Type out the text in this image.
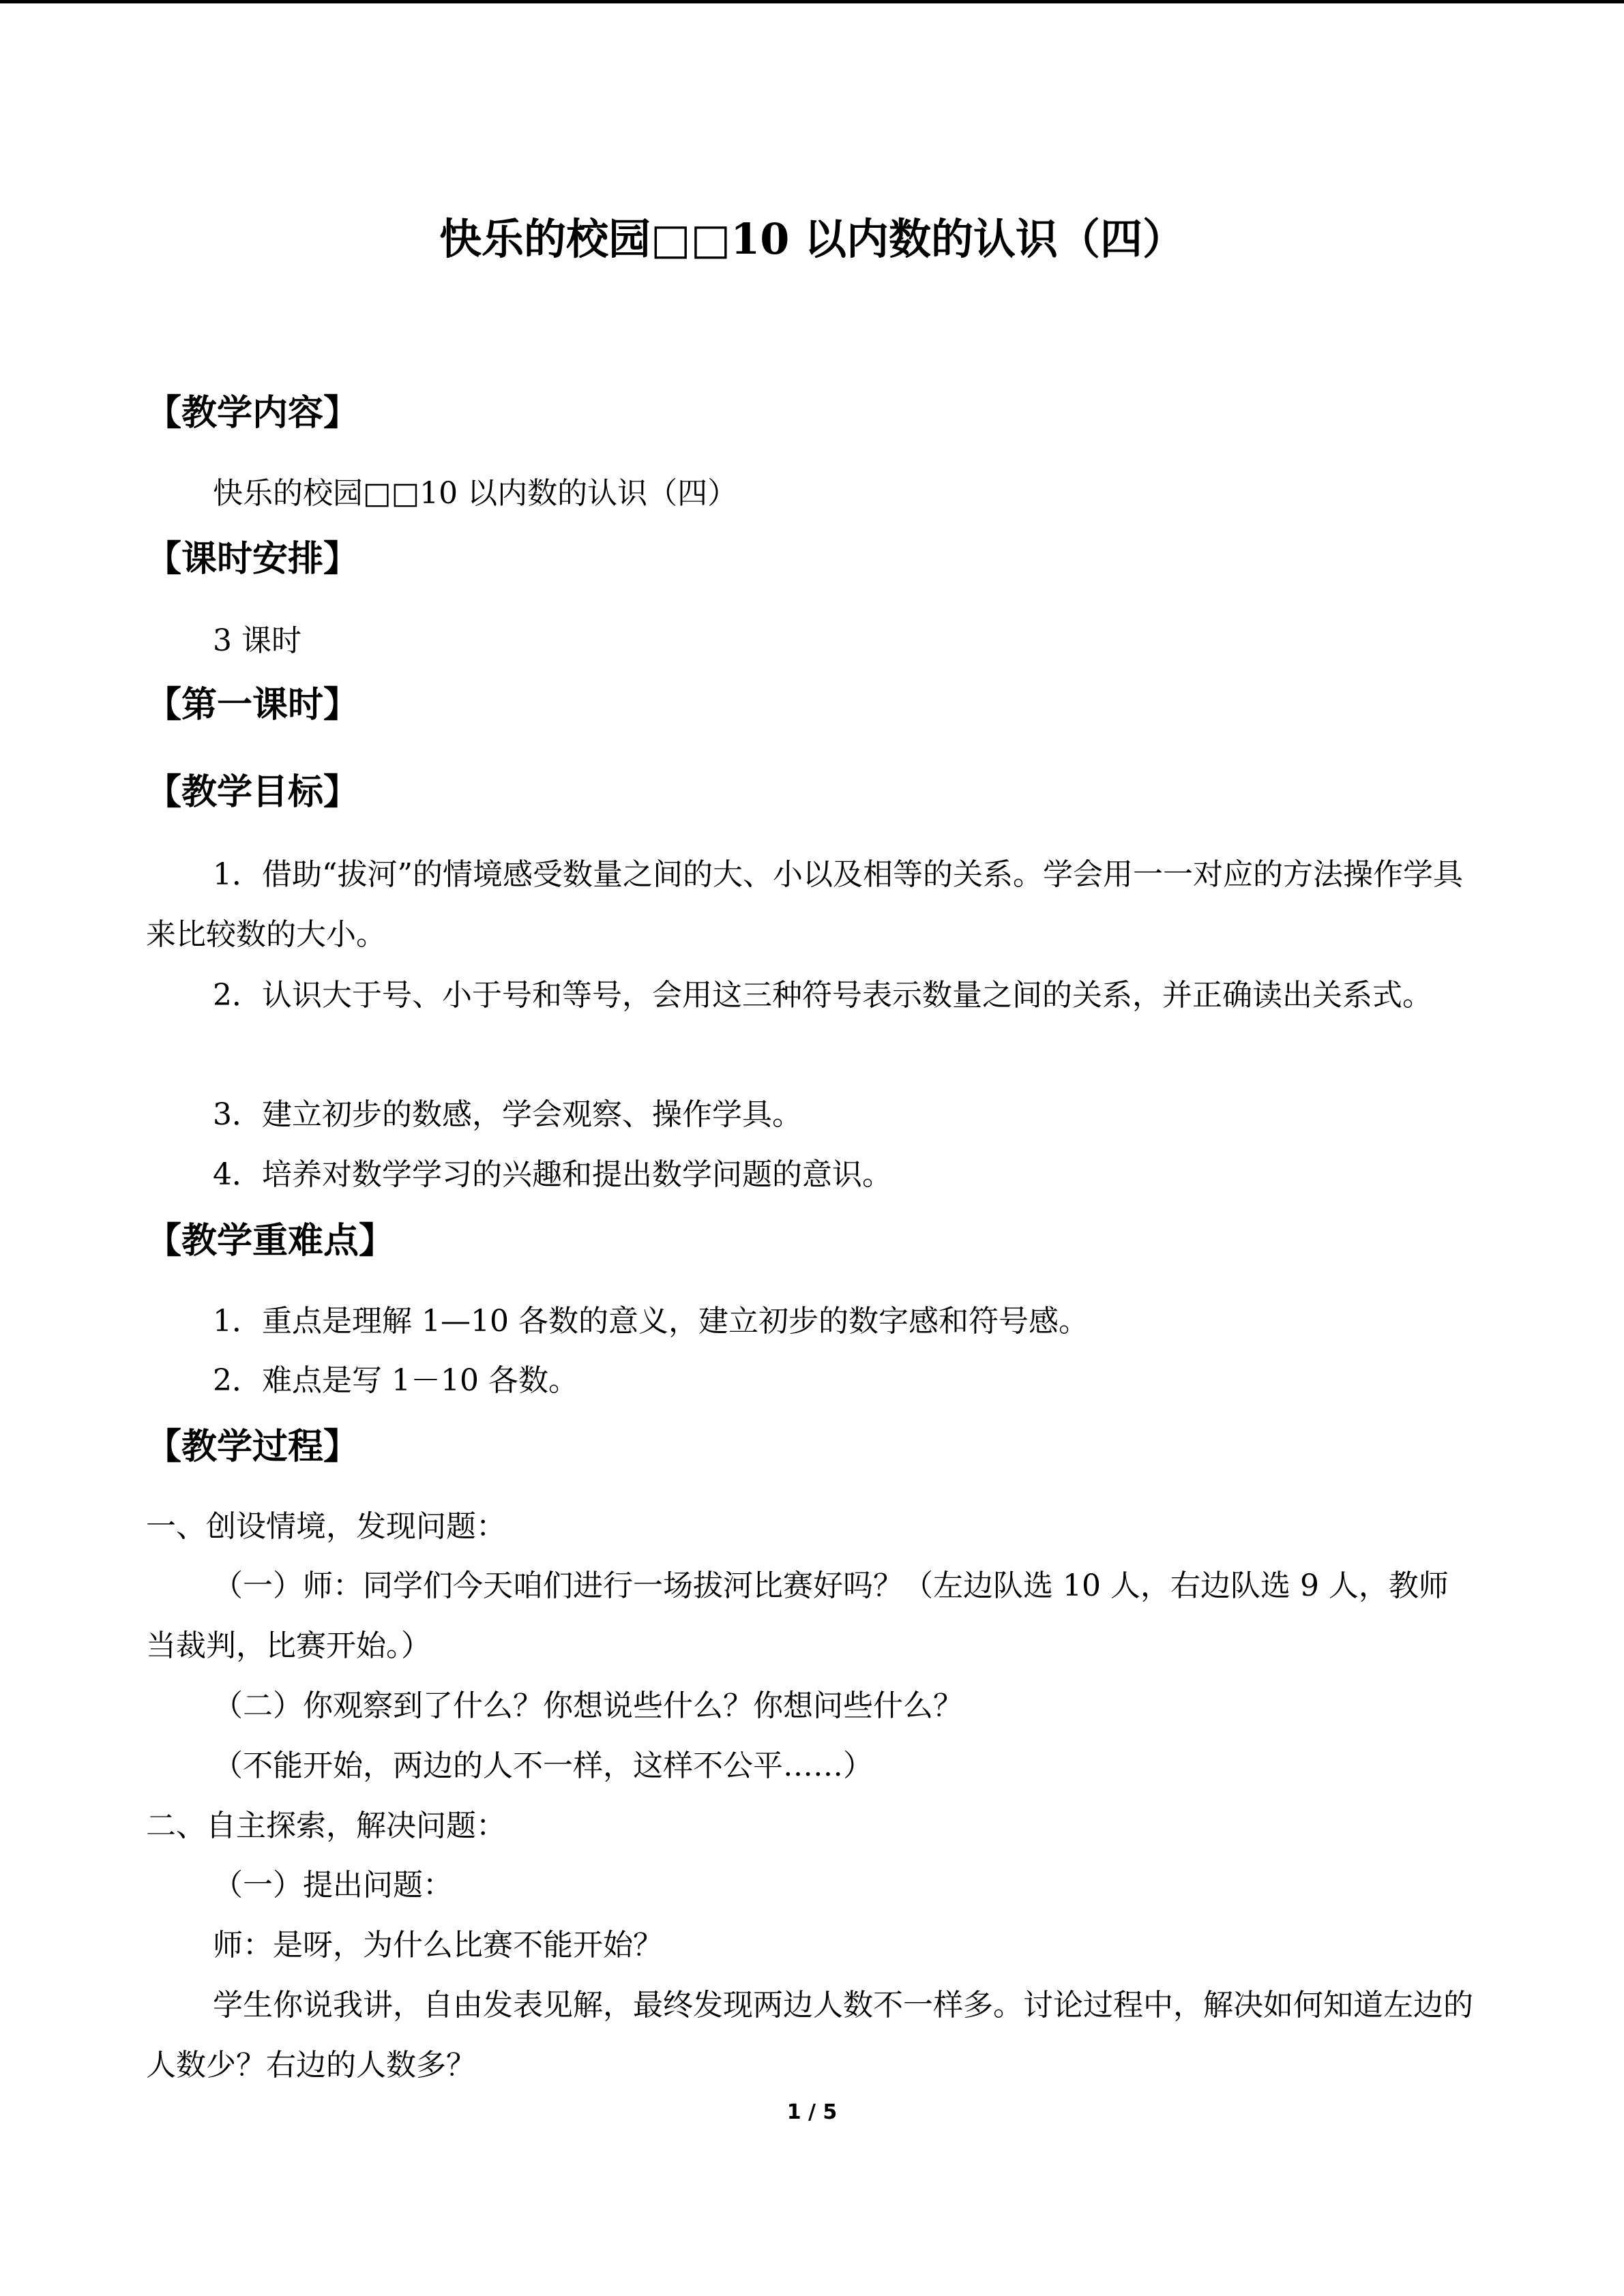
快乐的校园□□10 以内数的认识（四）
【教学内容】
快乐的校园□□10 以内数的认识（四）
【课时安排】
3 课时
【第一课时】
【教学目标】
1．借助“拔河”的情境感受数量之间的大、小以及相等的关系。学会用一一对应的方法操作学具来比较数的大小。
2．认识大于号、小于号和等号，会用这三种符号表示数量之间的关系，并正确读出关系式。
3．建立初步的数感，学会观察、操作学具。
4．培养对数学学习的兴趣和提出数学问题的意识。
【教学重难点】
1．重点是理解 1—10 各数的意义，建立初步的数字感和符号感。
2．难点是写 1－10 各数。
【教学过程】
一、创设情境，发现问题：
（一）师：同学们今天咱们进行一场拔河比赛好吗？（左边队选 10 人，右边队选 9 人，教师当裁判，比赛开始。）
（二）你观察到了什么？你想说些什么？你想问些什么？
（不能开始，两边的人不一样，这样不公平……）
二、自主探索，解决问题：
（一）提出问题：
师：是呀，为什么比赛不能开始？
学生你说我讲，自由发表见解，最终发现两边人数不一样多。讨论过程中，解决如何知道左边的人数少？右边的人数多？
1 / 5
